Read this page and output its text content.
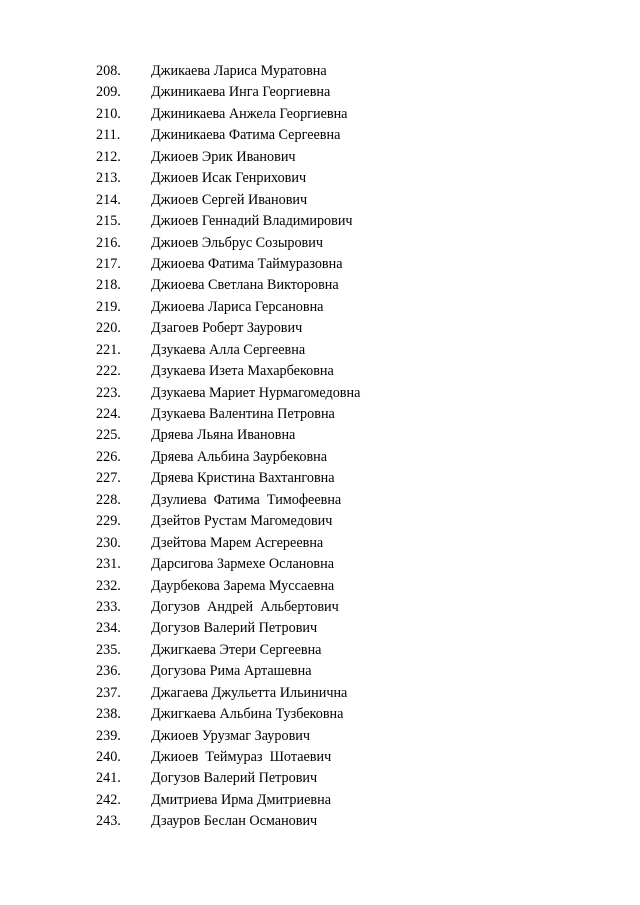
208. Джикаева Лариса Муратовна
209. Джиникаева Инга Георгиевна
210. Джиникаева Анжела Георгиевна
211. Джиникаева Фатима Сергеевна
212. Джиоев Эрик Иванович
213. Джиоев Исак Генрихович
214. Джиоев Сергей Иванович
215. Джиоев Геннадий Владимирович
216. Джиоев Эльбрус Созырович
217. Джиоева Фатима Таймуразовна
218. Джиоева Светлана Викторовна
219. Джиоева Лариса Герсановна
220. Дзагоев Роберт Заурович
221. Дзукаева Алла Сергеевна
222. Дзукаева Изета Махарбековна
223. Дзукаева Мариет Нурмагомедовна
224. Дзукаева Валентина Петровна
225. Дряева Льяна Ивановна
226. Дряева Альбина Заурбековна
227. Дряева Кристина Вахтанговна
228. Дзулиева  Фатима  Тимофеевна
229. Дзейтов Рустам Магомедович
230. Дзейтова Марем Асгереевна
231. Дарсигова Зармехе Ослановна
232. Даурбекова Зарема Муссаевна
233. Догузов  Андрей  Альбертович
234. Догузов Валерий Петрович
235. Джигкаева Этери Сергеевна
236. Догузова Рима Арташевна
237. Джагаева Джульетта Ильинична
238. Джигкаева Альбина Тузбековна
239. Джиоев Урузмаг Заурович
240. Джиоев  Теймураз  Шотаевич
241. Догузов Валерий Петрович
242. Дмитриева Ирма Дмитриевна
243. Дзауров Беслан Османович
